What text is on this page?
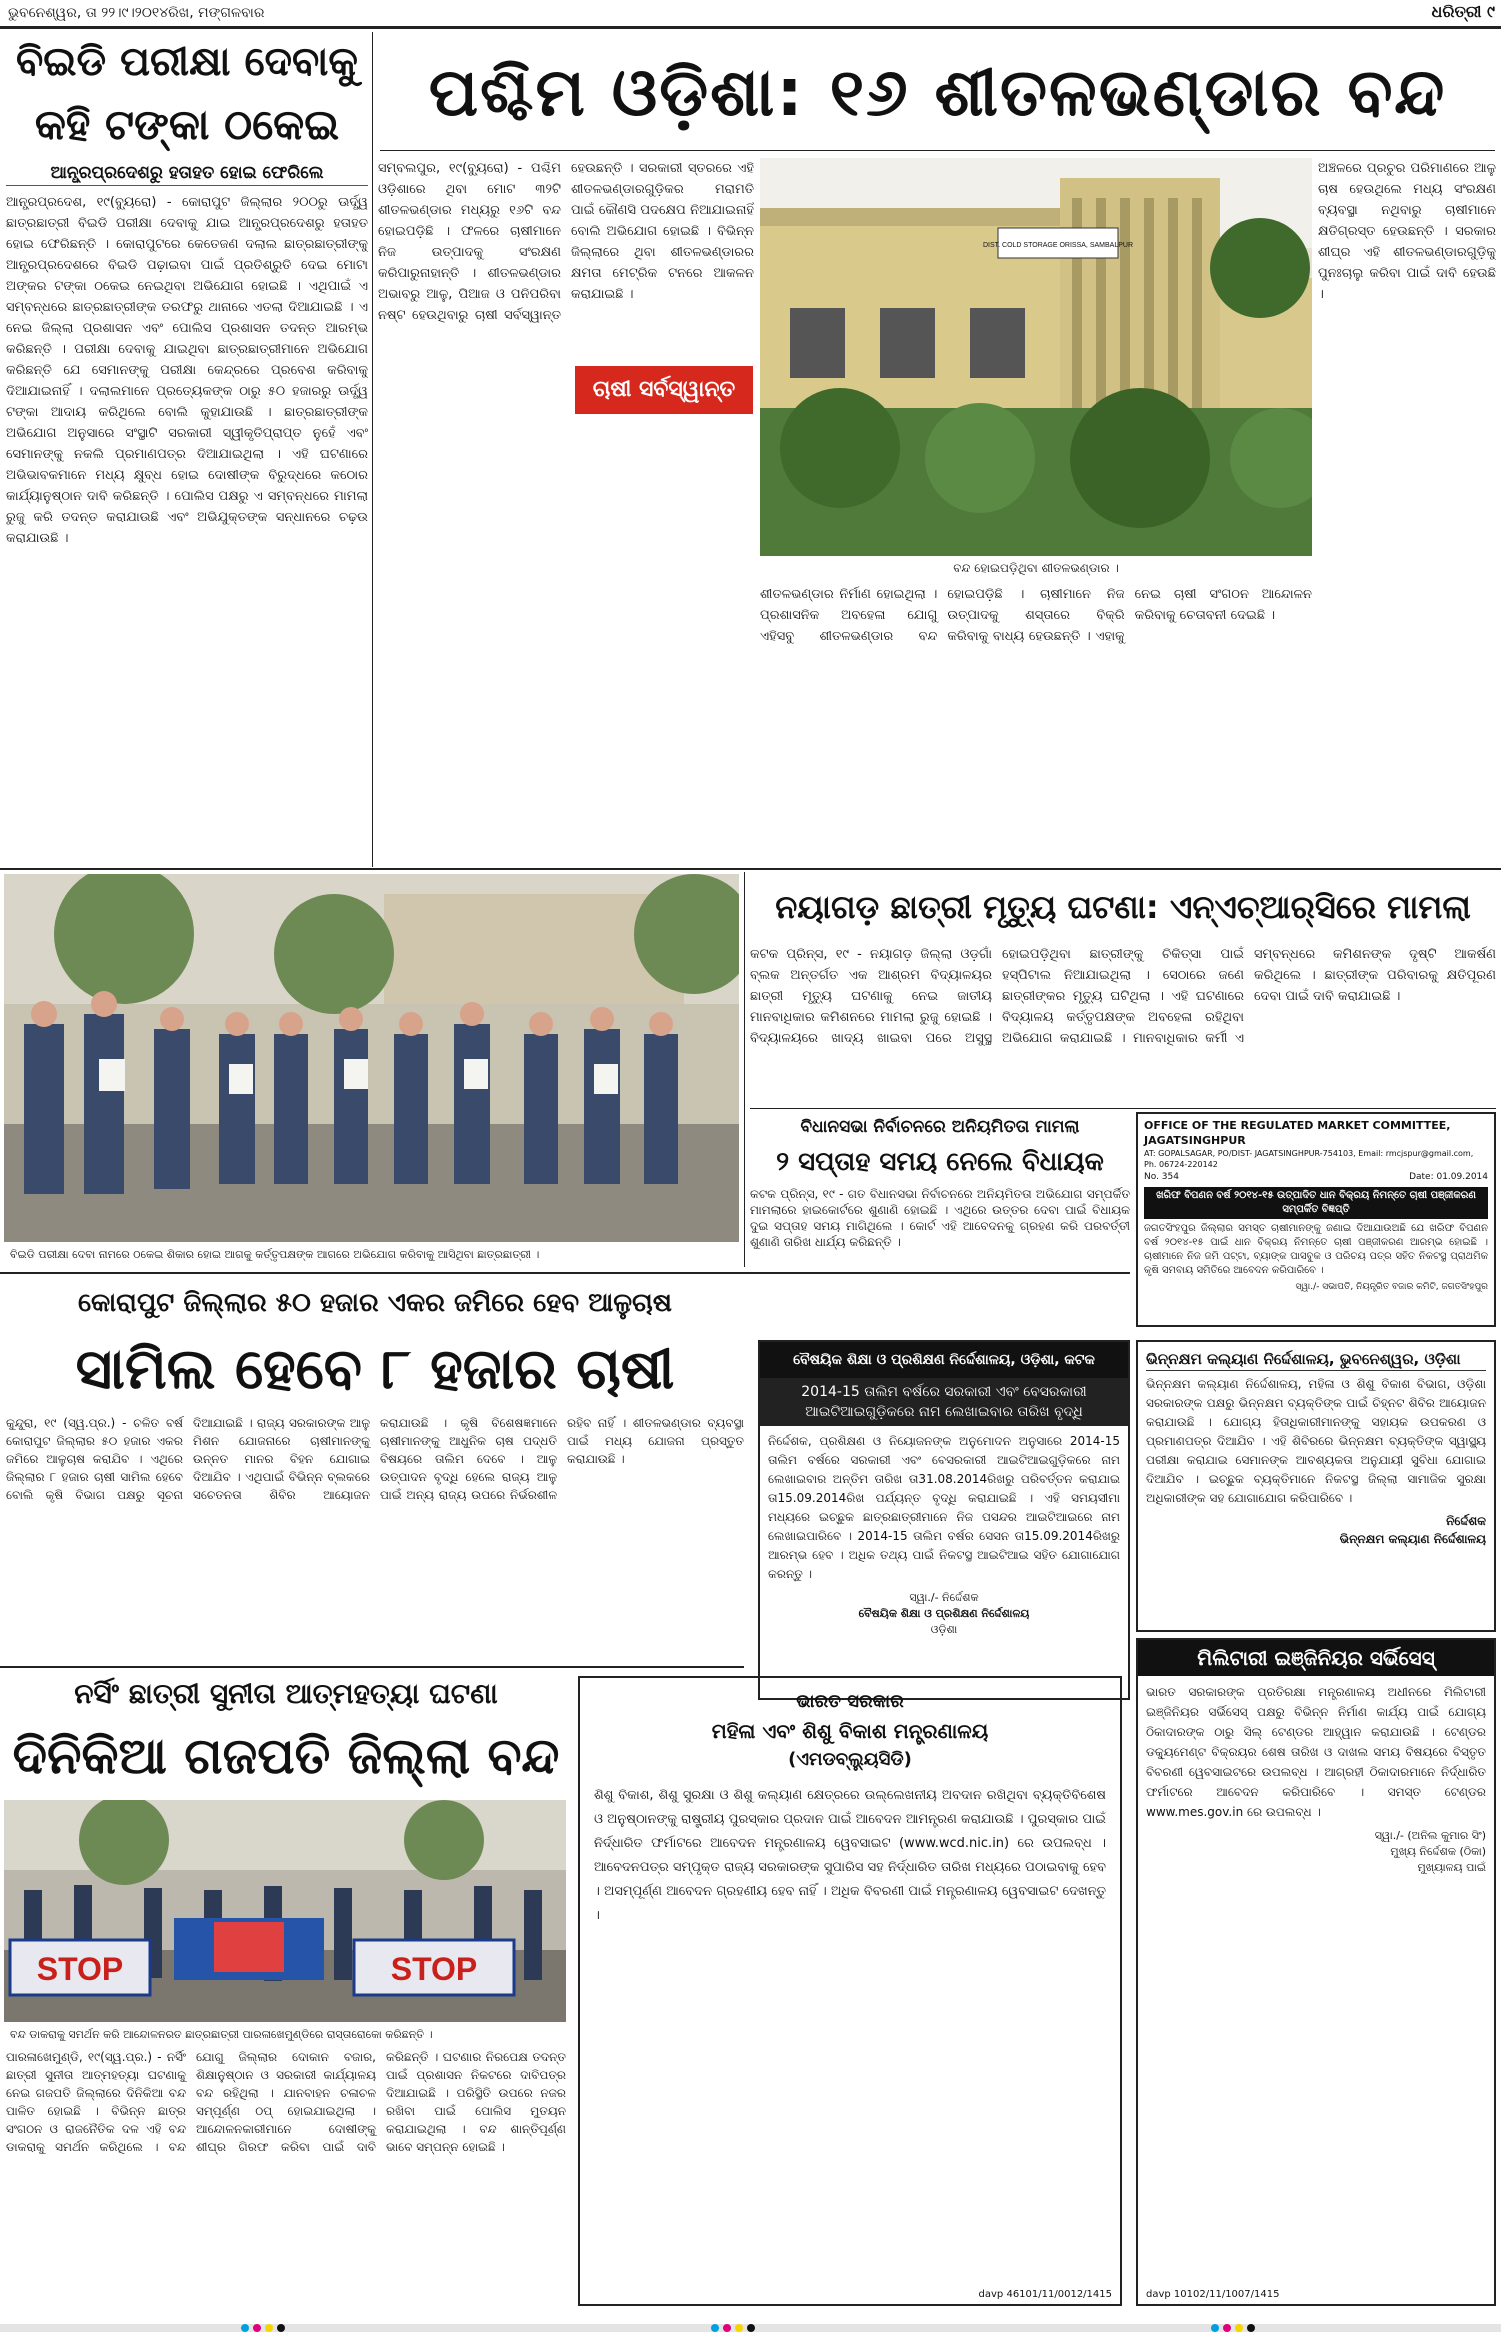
ଭୁବନେଶ୍ୱର, ତା ୨୨।୯।୨୦୧୪ରିଖ, ମଙ୍ଗଳବାର	ଧରିତ୍ରୀ ୯
ବିଇଡି ପରୀକ୍ଷା ଦେବାକୁ
କହି ଟଙ୍କା ଠକେଇ
ଆନ୍ଧ୍ରପ୍ରଦେଶରୁ ହତାହତ ହୋଇ ଫେରିଲେ
ଆନ୍ଧ୍ରପ୍ରଦେଶ, ୧୯(ବ୍ୟୁରୋ) - କୋରାପୁଟ ଜିଲ୍ଲାର ୨୦୦ରୁ ଊର୍ଦ୍ଧ୍ୱ ଛାତ୍ରଛାତ୍ରୀ ବିଇଡି ପରୀକ୍ଷା ଦେବାକୁ ଯାଇ ଆନ୍ଧ୍ରପ୍ରଦେଶରୁ ହତାହତ ହୋଇ ଫେରିଛନ୍ତି । କୋରାପୁଟରେ କେତେଜଣ ଦଲାଲ ଛାତ୍ରଛାତ୍ରୀଙ୍କୁ ଆନ୍ଧ୍ରପ୍ରଦେଶରେ ବିଇଡି ପଢ଼ାଇବା ପାଇଁ ପ୍ରତିଶ୍ରୁତି ଦେଇ ମୋଟା ଅଙ୍କର ଟଙ୍କା ଠକେଇ ନେଇଥିବା ଅଭିଯୋଗ ହୋଇଛି । ଏଥିପାଇଁ ଏ ସମ୍ବନ୍ଧରେ ଛାତ୍ରଛାତ୍ରୀଙ୍କ ତରଫରୁ ଥାନାରେ ଏତଲା ଦିଆଯାଇଛି । ଏ ନେଇ ଜିଲ୍ଲା ପ୍ରଶାସନ ଏବଂ ପୋଲିସ ପ୍ରଶାସନ ତଦନ୍ତ ଆରମ୍ଭ କରିଛନ୍ତି । ପରୀକ୍ଷା ଦେବାକୁ ଯାଇଥିବା ଛାତ୍ରଛାତ୍ରୀମାନେ ଅଭିଯୋଗ କରିଛନ୍ତି ଯେ ସେମାନଙ୍କୁ ପରୀକ୍ଷା କେନ୍ଦ୍ରରେ ପ୍ରବେଶ କରିବାକୁ ଦିଆଯାଇନାହିଁ । ଦଲାଲମାନେ ପ୍ରତ୍ୟେକଙ୍କ ଠାରୁ ୫୦ ହଜାରରୁ ଊର୍ଦ୍ଧ୍ୱ ଟଙ୍କା ଆଦାୟ କରିଥିଲେ ବୋଲି କୁହାଯାଉଛି । ଛାତ୍ରଛାତ୍ରୀଙ୍କ ଅଭିଯୋଗ ଅନୁସାରେ ସଂସ୍ଥାଟି ସରକାରୀ ସ୍ୱୀକୃତିପ୍ରାପ୍ତ ନୁହେଁ ଏବଂ ସେମାନଙ୍କୁ ନକଲି ପ୍ରମାଣପତ୍ର ଦିଆଯାଇଥିଲା । ଏହି ଘଟଣାରେ ଅଭିଭାବକମାନେ ମଧ୍ୟ କ୍ଷୁବ୍ଧ ହୋଇ ଦୋଷୀଙ୍କ ବିରୁଦ୍ଧରେ କଠୋର କାର୍ଯ୍ୟାନୁଷ୍ଠାନ ଦାବି କରିଛନ୍ତି । ପୋଲିସ ପକ୍ଷରୁ ଏ ସମ୍ବନ୍ଧରେ ମାମଲା ରୁଜୁ କରି ତଦନ୍ତ କରାଯାଉଛି ଏବଂ ଅଭିଯୁକ୍ତଙ୍କ ସନ୍ଧାନରେ ଚଢ଼ଉ କରାଯାଉଛି ।
ପଶ୍ଚିମ ଓଡ଼ିଶା: ୧୬ ଶୀତଳଭଣ୍ଡାର ବନ୍ଦ
ସମ୍ବଲପୁର, ୧୯(ବ୍ୟୁରୋ) - ପଶ୍ଚିମ ଓଡ଼ିଶାରେ ଥିବା ମୋଟ ୩୨ଟି ଶୀତଳଭଣ୍ଡାର ମଧ୍ୟରୁ ୧୬ଟି ବନ୍ଦ ହୋଇପଡ଼ିଛି । ଫଳରେ ଚାଷୀମାନେ ନିଜ ଉତ୍ପାଦକୁ ସଂରକ୍ଷଣ କରିପାରୁନାହାନ୍ତି । ଶୀତଳଭଣ୍ଡାର ଅଭାବରୁ ଆଳୁ, ପିଆଜ ଓ ପନିପରିବା ନଷ୍ଟ ହେଉଥିବାରୁ ଚାଷୀ ସର୍ବସ୍ୱାନ୍ତ ହେଉଛନ୍ତି । ସରକାରୀ ସ୍ତରରେ ଏହି ଶୀତଳଭଣ୍ଡାରଗୁଡ଼ିକର ମରାମତି ପାଇଁ କୌଣସି ପଦକ୍ଷେପ ନିଆଯାଇନାହିଁ ବୋଲି ଅଭିଯୋଗ ହୋଇଛି । ବିଭିନ୍ନ ଜିଲ୍ଲାରେ ଥିବା ଶୀତଳଭଣ୍ଡାରର କ୍ଷମତା ମେଟ୍ରିକ ଟନରେ ଆକଳନ କରାଯାଇଛି ।
ଚାଷୀ ସର୍ବସ୍ୱାନ୍ତ
DIST. COLD STORAGE ORISSA, SAMBALPUR
ବନ୍ଦ ହୋଇପଡ଼ିଥିବା ଶୀତଳଭଣ୍ଡାର ।
ଶୀତଳଭଣ୍ଡାର ନିର୍ମାଣ ହୋଇଥିଲା । ପ୍ରଶାସନିକ ଅବହେଳା ଯୋଗୁ ଏହିସବୁ ଶୀତଳଭଣ୍ଡାର ବନ୍ଦ ହୋଇପଡ଼ିଛି । ଚାଷୀମାନେ ନିଜ ଉତ୍ପାଦକୁ ଶସ୍ତାରେ ବିକ୍ରି କରିବାକୁ ବାଧ୍ୟ ହେଉଛନ୍ତି । ଏହାକୁ ନେଇ ଚାଷୀ ସଂଗଠନ ଆନ୍ଦୋଳନ କରିବାକୁ ଚେତାବନୀ ଦେଇଛି ।
ଅଞ୍ଚଳରେ ପ୍ରଚୁର ପରିମାଣରେ ଆଳୁ ଚାଷ ହେଉଥିଲେ ମଧ୍ୟ ସଂରକ୍ଷଣ ବ୍ୟବସ୍ଥା ନଥିବାରୁ ଚାଷୀମାନେ କ୍ଷତିଗ୍ରସ୍ତ ହେଉଛନ୍ତି । ସରକାର ଶୀଘ୍ର ଏହି ଶୀତଳଭଣ୍ଡାରଗୁଡ଼ିକୁ ପୁନଃଚାଲୁ କରିବା ପାଇଁ ଦାବି ହେଉଛି ।
ବିଇଡି ପରୀକ୍ଷା ଦେବା ନାମରେ ଠକେଇ ଶିକାର ହୋଇ ଆଗକୁ କର୍ତ୍ତୃପକ୍ଷଙ୍କ ଆଗରେ ଅଭିଯୋଗ କରିବାକୁ ଆସିଥିବା ଛାତ୍ରଛାତ୍ରୀ ।
ନୟାଗଡ଼ ଛାତ୍ରୀ ମୃତ୍ୟୁ ଘଟଣା: ଏନ୍‌ଏଚ୍‌ଆର୍‌ସିରେ ମାମଲା
କଟକ ପ୍ରିନ୍ସ, ୧୯ - ନୟାଗଡ଼ ଜିଲ୍ଲା ଓଡ଼ଗାଁ ବ୍ଲକ ଅନ୍ତର୍ଗତ ଏକ ଆଶ୍ରମ ବିଦ୍ୟାଳୟର ଛାତ୍ରୀ ମୃତ୍ୟୁ ଘଟଣାକୁ ନେଇ ଜାତୀୟ ମାନବାଧିକାର କମିଶନରେ ମାମଲା ରୁଜୁ ହୋଇଛି । ବିଦ୍ୟାଳୟରେ ଖାଦ୍ୟ ଖାଇବା ପରେ ଅସୁସ୍ଥ ହୋଇପଡ଼ିଥିବା ଛାତ୍ରୀଙ୍କୁ ଚିକିତ୍ସା ପାଇଁ ହସ୍ପିଟାଲ ନିଆଯାଇଥିଲା । ସେଠାରେ ଜଣେ ଛାତ୍ରୀଙ୍କର ମୃତ୍ୟୁ ଘଟିଥିଲା । ଏହି ଘଟଣାରେ ବିଦ୍ୟାଳୟ କର୍ତ୍ତୃପକ୍ଷଙ୍କ ଅବହେଳା ରହିଥିବା ଅଭିଯୋଗ କରାଯାଇଛି । ମାନବାଧିକାର କର୍ମୀ ଏ ସମ୍ବନ୍ଧରେ କମିଶନଙ୍କ ଦୃଷ୍ଟି ଆକର୍ଷଣ କରିଥିଲେ । ଛାତ୍ରୀଙ୍କ ପରିବାରକୁ କ୍ଷତିପୂରଣ ଦେବା ପାଇଁ ଦାବି କରାଯାଇଛି ।
ବିଧାନସଭା ନିର୍ବାଚନରେ ଅନିୟମିତତା ମାମଲା
୨ ସପ୍ତାହ ସମୟ ନେଲେ ବିଧାୟକ
କଟକ ପ୍ରିନ୍ସ, ୧୯ - ଗତ ବିଧାନସଭା ନିର୍ବାଚନରେ ଅନିୟମିତତା ଅଭିଯୋଗ ସମ୍ପର୍କିତ ମାମଲାରେ ହାଇକୋର୍ଟରେ ଶୁଣାଣି ହୋଇଛି । ଏଥିରେ ଉତ୍ତର ଦେବା ପାଇଁ ବିଧାୟକ ଦୁଇ ସପ୍ତାହ ସମୟ ମାଗିଥିଲେ । କୋର୍ଟ ଏହି ଆବେଦନକୁ ଗ୍ରହଣ କରି ପରବର୍ତ୍ତୀ ଶୁଣାଣି ତାରିଖ ଧାର୍ଯ୍ୟ କରିଛନ୍ତି ।
OFFICE OF THE REGULATED MARKET COMMITTEE, JAGATSINGHPUR
AT: GOPALSAGAR, PO/DIST- JAGATSINGHPUR-754103, Email: rmcjspur@gmail.com, Ph. 06724-220142
No. 354	Date: 01.09.2014
ଖରିଫ ବିପଣନ ବର୍ଷ ୨୦୧୪-୧୫ ଉତ୍ପାଦିତ ଧାନ ବିକ୍ରୟ ନିମନ୍ତେ ଚାଷୀ ପଞ୍ଜୀକରଣ ସମ୍ପର୍କିତ ବିଜ୍ଞପ୍ତି
ଜଗତସିଂହପୁର ଜିଲ୍ଲାର ସମସ୍ତ ଚାଷୀମାନଙ୍କୁ ଜଣାଇ ଦିଆଯାଉଅଛି ଯେ ଖରିଫ ବିପଣନ ବର୍ଷ ୨୦୧୪-୧୫ ପାଇଁ ଧାନ ବିକ୍ରୟ ନିମନ୍ତେ ଚାଷୀ ପଞ୍ଜୀକରଣ ଆରମ୍ଭ ହୋଇଛି । ଚାଷୀମାନେ ନିଜ ଜମି ପଟ୍ଟା, ବ୍ୟାଙ୍କ ପାସବୁକ ଓ ପରିଚୟ ପତ୍ର ସହିତ ନିକଟସ୍ଥ ପ୍ରାଥମିକ କୃଷି ସମବାୟ ସମିତିରେ ଆବେଦନ କରିପାରିବେ ।
ସ୍ୱା./- ସଭାପତି, ନିୟନ୍ତ୍ରିତ ବଜାର କମିଟି, ଜଗତସିଂହପୁର
କୋରାପୁଟ ଜିଲ୍ଲାର ୫୦ ହଜାର ଏକର ଜମିରେ ହେବ ଆଳୁଚାଷ
ସାମିଲ ହେବେ ୮ ହଜାର ଚାଷୀ
କୁନ୍ଦୁରା, ୧୯ (ସ୍ୱ.ପ୍ର.) - ଚଳିତ ବର୍ଷ କୋରାପୁଟ ଜିଲ୍ଲାର ୫୦ ହଜାର ଏକର ଜମିରେ ଆଳୁଚାଷ କରାଯିବ । ଏଥିରେ ଜିଲ୍ଲାର ୮ ହଜାର ଚାଷୀ ସାମିଲ ହେବେ ବୋଲି କୃଷି ବିଭାଗ ପକ୍ଷରୁ ସୂଚନା ଦିଆଯାଇଛି । ରାଜ୍ୟ ସରକାରଙ୍କ ଆଳୁ ମିଶନ ଯୋଜନାରେ ଚାଷୀମାନଙ୍କୁ ଉନ୍ନତ ମାନର ବିହନ ଯୋଗାଇ ଦିଆଯିବ । ଏଥିପାଇଁ ବିଭିନ୍ନ ବ୍ଲକରେ ସଚେତନତା ଶିବିର ଆୟୋଜନ କରାଯାଉଛି । କୃଷି ବିଶେଷଜ୍ଞମାନେ ଚାଷୀମାନଙ୍କୁ ଆଧୁନିକ ଚାଷ ପଦ୍ଧତି ବିଷୟରେ ତାଲିମ ଦେବେ । ଆଳୁ ଉତ୍ପାଦନ ବୃଦ୍ଧି ହେଲେ ରାଜ୍ୟ ଆଳୁ ପାଇଁ ଅନ୍ୟ ରାଜ୍ୟ ଉପରେ ନିର୍ଭରଶୀଳ ରହିବ ନାହିଁ । ଶୀତଳଭଣ୍ଡାର ବ୍ୟବସ୍ଥା ପାଇଁ ମଧ୍ୟ ଯୋଜନା ପ୍ରସ୍ତୁତ କରାଯାଉଛି ।
ବୈଷୟିକ ଶିକ୍ଷା ଓ ପ୍ରଶିକ୍ଷଣ ନିର୍ଦ୍ଦେଶାଳୟ, ଓଡ଼ିଶା, କଟକ
2014-15 ତାଲିମ ବର୍ଷରେ ସରକାରୀ ଏବଂ ବେସରକାରୀ ଆଇଟିଆଇଗୁଡ଼ିକରେ ନାମ ଲେଖାଇବାର ତାରିଖ ବୃଦ୍ଧି
ନିର୍ଦ୍ଦେଶକ, ପ୍ରଶିକ୍ଷଣ ଓ ନିୟୋଜନଙ୍କ ଅନୁମୋଦନ ଅନୁସାରେ 2014-15 ତାଲିମ ବର୍ଷରେ ସରକାରୀ ଏବଂ ବେସରକାରୀ ଆଇଟିଆଇଗୁଡ଼ିକରେ ନାମ ଲେଖାଇବାର ଅନ୍ତିମ ତାରିଖ ତା31.08.2014ରିଖରୁ ପରିବର୍ତ୍ତନ କରାଯାଇ ତା15.09.2014ରିଖ ପର୍ଯ୍ୟନ୍ତ ବୃଦ୍ଧି କରାଯାଇଛି । ଏହି ସମୟସୀମା ମଧ୍ୟରେ ଇଚ୍ଛୁକ ଛାତ୍ରଛାତ୍ରୀମାନେ ନିଜ ପସନ୍ଦର ଆଇଟିଆଇରେ ନାମ ଲେଖାଇପାରିବେ । 2014-15 ତାଲିମ ବର୍ଷର ସେସନ ତା15.09.2014ରିଖରୁ ଆରମ୍ଭ ହେବ । ଅଧିକ ତଥ୍ୟ ପାଇଁ ନିକଟସ୍ଥ ଆଇଟିଆଇ ସହିତ ଯୋଗାଯୋଗ କରନ୍ତୁ ।
ସ୍ୱା./- ନିର୍ଦ୍ଦେଶକ
ବୈଷୟିକ ଶିକ୍ଷା ଓ ପ୍ରଶିକ୍ଷଣ ନିର୍ଦ୍ଦେଶାଳୟ
ଓଡ଼ିଶା
ଭିନ୍ନକ୍ଷମ କଲ୍ୟାଣ ନିର୍ଦ୍ଦେଶାଳୟ, ଭୁବନେଶ୍ୱର, ଓଡ଼ିଶା
ଭିନ୍ନକ୍ଷମ କଲ୍ୟାଣ ନିର୍ଦ୍ଦେଶାଳୟ, ମହିଳା ଓ ଶିଶୁ ବିକାଶ ବିଭାଗ, ଓଡ଼ିଶା ସରକାରଙ୍କ ପକ୍ଷରୁ ଭିନ୍ନକ୍ଷମ ବ୍ୟକ୍ତିଙ୍କ ପାଇଁ ଚିହ୍ନଟ ଶିବିର ଆୟୋଜନ କରାଯାଉଛି । ଯୋଗ୍ୟ ହିତାଧିକାରୀମାନଙ୍କୁ ସହାୟକ ଉପକରଣ ଓ ପ୍ରମାଣପତ୍ର ଦିଆଯିବ । ଏହି ଶିବିରରେ ଭିନ୍ନକ୍ଷମ ବ୍ୟକ୍ତିଙ୍କ ସ୍ୱାସ୍ଥ୍ୟ ପରୀକ୍ଷା କରାଯାଇ ସେମାନଙ୍କ ଆବଶ୍ୟକତା ଅନୁଯାୟୀ ସୁବିଧା ଯୋଗାଇ ଦିଆଯିବ । ଇଚ୍ଛୁକ ବ୍ୟକ୍ତିମାନେ ନିକଟସ୍ଥ ଜିଲ୍ଲା ସାମାଜିକ ସୁରକ୍ଷା ଅଧିକାରୀଙ୍କ ସହ ଯୋଗାଯୋଗ କରିପାରିବେ ।
ନିର୍ଦ୍ଦେଶକ
ଭିନ୍ନକ୍ଷମ କଲ୍ୟାଣ ନିର୍ଦ୍ଦେଶାଳୟ
ନର୍ସିଂ ଛାତ୍ରୀ ସୁନୀତା ଆତ୍ମହତ୍ୟା ଘଟଣା
ଦିନିକିଆ ଗଜପତି ଜିଲ୍ଲା ବନ୍ଦ
STOP	STOP
ବନ୍ଦ ଡାକରାକୁ ସମର୍ଥନ କରି ଆନ୍ଦୋଳନରତ ଛାତ୍ରଛାତ୍ରୀ ପାରଳାଖେମୁଣ୍ଡିରେ ରାସ୍ତାରୋକୋ କରିଛନ୍ତି ।
ପାରଳାଖେମୁଣ୍ଡି, ୧୯(ସ୍ୱ.ପ୍ର.) - ନର୍ସିଂ ଛାତ୍ରୀ ସୁନୀତା ଆତ୍ମହତ୍ୟା ଘଟଣାକୁ ନେଇ ଗଜପତି ଜିଲ୍ଲାରେ ଦିନିକିଆ ବନ୍ଦ ପାଳିତ ହୋଇଛି । ବିଭିନ୍ନ ଛାତ୍ର ସଂଗଠନ ଓ ରାଜନୈତିକ ଦଳ ଏହି ବନ୍ଦ ଡାକରାକୁ ସମର୍ଥନ କରିଥିଲେ । ବନ୍ଦ ଯୋଗୁ ଜିଲ୍ଲାର ଦୋକାନ ବଜାର, ଶିକ୍ଷାନୁଷ୍ଠାନ ଓ ସରକାରୀ କାର୍ଯ୍ୟାଳୟ ବନ୍ଦ ରହିଥିଲା । ଯାନବାହନ ଚଳାଚଳ ସମ୍ପୂର୍ଣ୍ଣ ଠପ୍ ହୋଇଯାଇଥିଲା । ଆନ୍ଦୋଳନକାରୀମାନେ ଦୋଷୀଙ୍କୁ ଶୀଘ୍ର ଗିରଫ କରିବା ପାଇଁ ଦାବି କରିଛନ୍ତି । ଘଟଣାର ନିରପେକ୍ଷ ତଦନ୍ତ ପାଇଁ ପ୍ରଶାସନ ନିକଟରେ ଦାବିପତ୍ର ଦିଆଯାଇଛି । ପରିସ୍ଥିତି ଉପରେ ନଜର ରଖିବା ପାଇଁ ପୋଲିସ ମୁତୟନ କରାଯାଇଥିଲା । ବନ୍ଦ ଶାନ୍ତିପୂର୍ଣ୍ଣ ଭାବେ ସମ୍ପନ୍ନ ହୋଇଛି ।
ଭାରତ ସରକାର
ମହିଳା ଏବଂ ଶିଶୁ ବିକାଶ ମନ୍ତ୍ରଣାଳୟ
(ଏମଡବ୍ଲ୍ୟୁସିଡି)
ଶିଶୁ ବିକାଶ, ଶିଶୁ ସୁରକ୍ଷା ଓ ଶିଶୁ କଲ୍ୟାଣ କ୍ଷେତ୍ରରେ ଉଲ୍ଲେଖନୀୟ ଅବଦାନ ରଖିଥିବା ବ୍ୟକ୍ତିବିଶେଷ ଓ ଅନୁଷ୍ଠାନଙ୍କୁ ରାଷ୍ଟ୍ରୀୟ ପୁରସ୍କାର ପ୍ରଦାନ ପାଇଁ ଆବେଦନ ଆମନ୍ତ୍ରଣ କରାଯାଉଛି । ପୁରସ୍କାର ପାଇଁ ନିର୍ଦ୍ଧାରିତ ଫର୍ମାଟରେ ଆବେଦନ ମନ୍ତ୍ରଣାଳୟ ୱେବସାଇଟ (www.wcd.nic.in) ରେ ଉପଲବ୍ଧ । ଆବେଦନପତ୍ର ସମ୍ପୃକ୍ତ ରାଜ୍ୟ ସରକାରଙ୍କ ସୁପାରିସ ସହ ନିର୍ଦ୍ଧାରିତ ତାରିଖ ମଧ୍ୟରେ ପଠାଇବାକୁ ହେବ । ଅସମ୍ପୂର୍ଣ୍ଣ ଆବେଦନ ଗ୍ରହଣୀୟ ହେବ ନାହିଁ । ଅଧିକ ବିବରଣୀ ପାଇଁ ମନ୍ତ୍ରଣାଳୟ ୱେବସାଇଟ ଦେଖନ୍ତୁ ।
davp 46101/11/0012/1415
ମିଲିଟାରୀ ଇଞ୍ଜିନିୟର ସର୍ଭିସେସ୍
ଭାରତ ସରକାରଙ୍କ ପ୍ରତିରକ୍ଷା ମନ୍ତ୍ରଣାଳୟ ଅଧୀନରେ ମିଲିଟାରୀ ଇଞ୍ଜିନିୟର ସର୍ଭିସେସ୍ ପକ୍ଷରୁ ବିଭିନ୍ନ ନିର୍ମାଣ କାର୍ଯ୍ୟ ପାଇଁ ଯୋଗ୍ୟ ଠିକାଦାରଙ୍କ ଠାରୁ ସିଲ୍ ଟେଣ୍ଡର ଆହ୍ୱାନ କରାଯାଉଛି । ଟେଣ୍ଡର ଡକ୍ୟୁମେଣ୍ଟ ବିକ୍ରୟର ଶେଷ ତାରିଖ ଓ ଦାଖଲ ସମୟ ବିଷୟରେ ବିସ୍ତୃତ ବିବରଣୀ ୱେବସାଇଟରେ ଉପଲବ୍ଧ । ଆଗ୍ରହୀ ଠିକାଦାରମାନେ ନିର୍ଦ୍ଧାରିତ ଫର୍ମାଟରେ ଆବେଦନ କରିପାରିବେ । ସମସ୍ତ ଟେଣ୍ଡର www.mes.gov.in ରେ ଉପଲବ୍ଧ ।
ସ୍ୱା./- (ଅନିଲ କୁମାର ସିଂ)
ମୁଖ୍ୟ ନିର୍ଦ୍ଦେଶକ (ଠିକା)
ମୁଖ୍ୟାଳୟ ପାଇଁ
davp 10102/11/1007/1415
